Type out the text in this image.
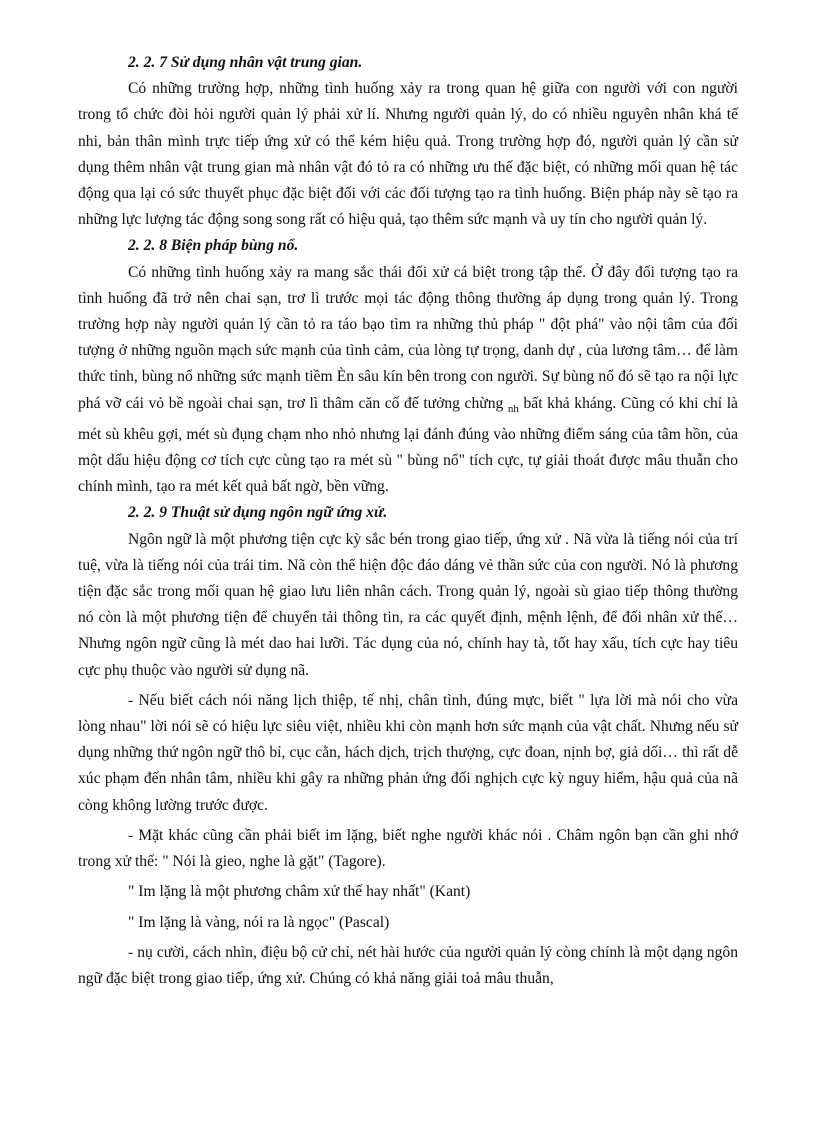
2. 2. 7 Sử dụng nhân vật trung gian.

Có những trường hợp, những tình huống xảy ra trong quan hệ giữa con người với con người trong tổ chức đòi hỏi người quản lý phải xử lí. Nhưng người quản lý, do có nhiều nguyên nhân khá tế nhi, bản thân mình trực tiếp ứng xử có thể kém hiệu quả. Trong trường hợp đó, người quản lý cần sử dụng thêm nhân vật trung gian mà nhân vật đó tỏ ra có những ưu thế đặc biệt, có những mối quan hệ tác động qua lại có sức thuyết phục đặc biệt đối với các đối tượng tạo ra tình huống. Biện pháp này sẽ tạo ra những lực lượng tác động song song rất có hiệu quả, tạo thêm sức mạnh và uy tín cho người quản lý.

2. 2. 8 Biện pháp bùng nổ.

Có những tình huống xảy ra mang sắc thái đối xử cá biệt trong tập thể. Ở đây đối tượng tạo ra tình huống đã trở nên chai sạn, trơ lì trước mọi tác động thông thường áp dụng trong quản lý. Trong trường hợp này người quản lý cần tỏ ra táo bạo tìm ra những thủ pháp " đột phá" vào nội tâm của đối tượng ở những nguồn mạch sức mạnh của tình cảm, của lòng tự trọng, danh dự , của lương tâm… để làm thức tỉnh, bùng nổ những sức mạnh tiềm Èn sâu kín bên trong con người. Sự bùng nổ đó sẽ tạo ra nội lực phá vỡ cái vỏ bề ngoài chai sạn, trơ lì thâm căn cố đế tưởng chừng $_{nh}$ bất khả kháng. Cũng có khi chỉ là mét sù khêu gợi, mét sù đụng chạm nho nhỏ nhưng lại đánh đúng vào những điểm sáng của tâm hồn, của một dấu hiệu động cơ tích cực cùng tạo ra mét sù " bùng nổ" tích cực, tự giải thoát được mâu thuẫn cho chính mình, tạo ra mét kết quả bất ngờ, bền vững.

2. 2. 9 Thuật sử dụng ngôn ngữ ứng xử.

Ngôn ngữ là một phương tiện cực kỳ sắc bén trong giao tiếp, ứng xử . Nã vừa là tiếng nói của trí tuệ, vừa là tiếng nói của trái tim. Nã còn thể hiện độc đáo dáng vẻ thần sức của con người. Nó là phương tiện đặc sắc trong mối quan hệ giao lưu liên nhân cách. Trong quản lý, ngoài sù giao tiếp thông thường nó còn là một phương tiện để chuyển tải thông tin, ra các quyết định, mệnh lệnh, để đối nhân xử thế… Nhưng ngôn ngữ cũng là mét dao hai lưỡi. Tác dụng của nó, chính hay tà, tốt hay xấu, tích cực hay tiêu cực phụ thuộc vào người sử dụng nã.

- Nếu biết cách nói năng lịch thiệp, tế nhị, chân tình, đúng mực, biết " lựa lời mà nói cho vừa lòng nhau" lời nói sẽ có hiệu lực siêu việt, nhiều khi còn mạnh hơn sức mạnh của vật chất. Nhưng nếu sử dụng những thứ ngôn ngữ thô bỉ, cục cằn, hách dịch, trịch thượng, cực đoan, nịnh bợ, giả dối… thì rất dễ xúc phạm đến nhân tâm, nhiều khi gây ra những phản ứng đối nghịch cực kỳ nguy hiểm, hậu quả của nã còng không lường trước được.

- Mặt khác cũng cần phải biết im lặng, biết nghe người khác nói . Châm ngôn bạn cần ghi nhớ trong xử thế: " Nói là gieo, nghe là gặt" (Tagore).

" Im lặng là một phương châm xử thế hay nhất" (Kant)

" Im lặng là vàng, nói ra là ngọc" (Pascal)

- nụ cười, cách nhìn, điệu bộ cử chỉ, nét hài hước của người quản lý còng chính là một dạng ngôn ngữ đặc biệt trong giao tiếp, ứng xử. Chúng có khả năng giải toả mâu thuẫn,
